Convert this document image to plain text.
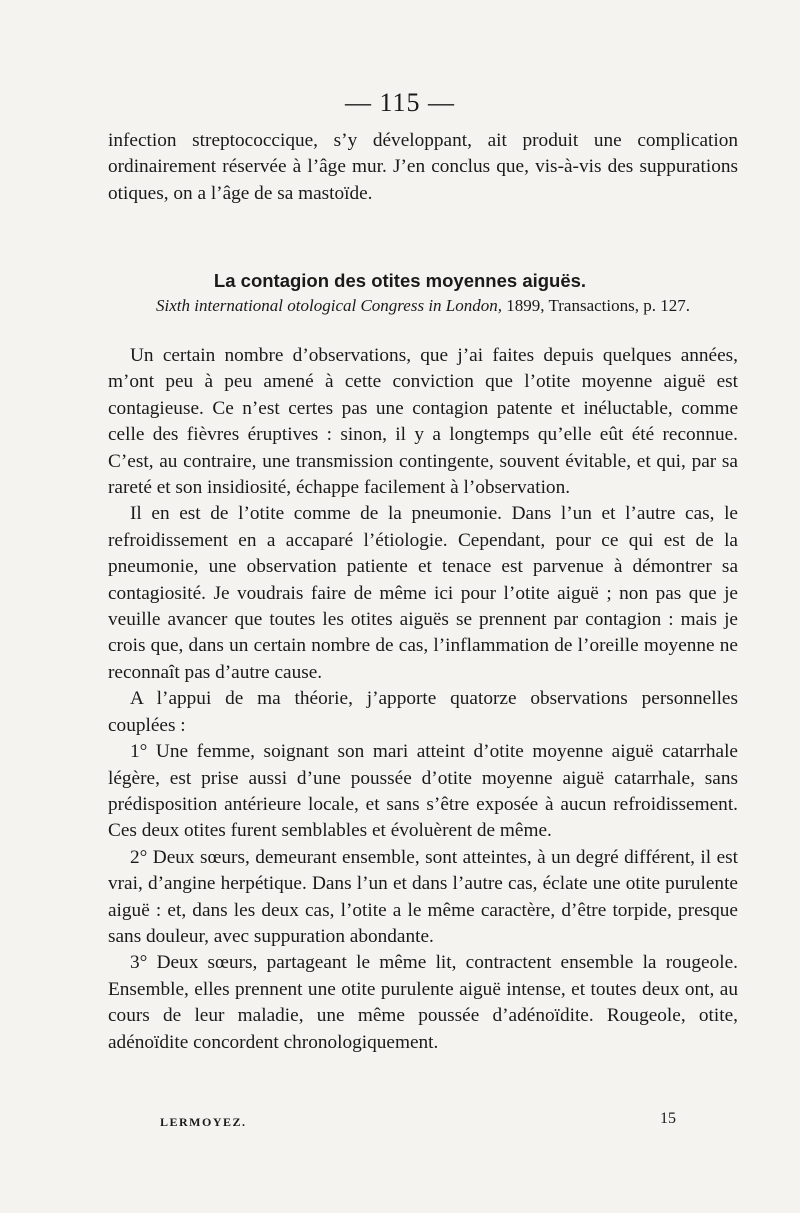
— 115 —

infection streptococcique, s’y développant, ait produit une complication ordinairement réservée à l’âge mur. J’en conclus que, vis-à-vis des suppurations otiques, on a l’âge de sa mastoïde.

La contagion des otites moyennes aiguës.
Sixth international otological Congress in London, 1899, Transactions, p. 127.

Un certain nombre d’observations, que j’ai faites depuis quelques années, m’ont peu à peu amené à cette conviction que l’otite moyenne aiguë est contagieuse. Ce n’est certes pas une contagion patente et inéluctable, comme celle des fièvres éruptives : sinon, il y a longtemps qu’elle eût été reconnue. C’est, au contraire, une transmission contingente, souvent évitable, et qui, par sa rareté et son insidiosité, échappe facilement à l’observation.

Il en est de l’otite comme de la pneumonie. Dans l’un et l’autre cas, le refroidissement en a accaparé l’étiologie. Cependant, pour ce qui est de la pneumonie, une observation patiente et tenace est parvenue à démontrer sa contagiosité. Je voudrais faire de même ici pour l’otite aiguë ; non pas que je veuille avancer que toutes les otites aiguës se prennent par contagion : mais je crois que, dans un certain nombre de cas, l’inflammation de l’oreille moyenne ne reconnaît pas d’autre cause.

A l’appui de ma théorie, j’apporte quatorze observations personnelles couplées :

1° Une femme, soignant son mari atteint d’otite moyenne aiguë catarrhale légère, est prise aussi d’une poussée d’otite moyenne aiguë catarrhale, sans prédisposition antérieure locale, et sans s’être exposée à aucun refroidissement. Ces deux otites furent semblables et évoluèrent de même.

2° Deux sœurs, demeurant ensemble, sont atteintes, à un degré différent, il est vrai, d’angine herpétique. Dans l’un et dans l’autre cas, éclate une otite purulente aiguë : et, dans les deux cas, l’otite a le même caractère, d’être torpide, presque sans douleur, avec suppuration abondante.

3° Deux sœurs, partageant le même lit, contractent ensemble la rougeole. Ensemble, elles prennent une otite purulente aiguë intense, et toutes deux ont, au cours de leur maladie, une même poussée d’adénoïdite. Rougeole, otite, adénoïdite concordent chronologiquement.

LERMOYEZ.	15
